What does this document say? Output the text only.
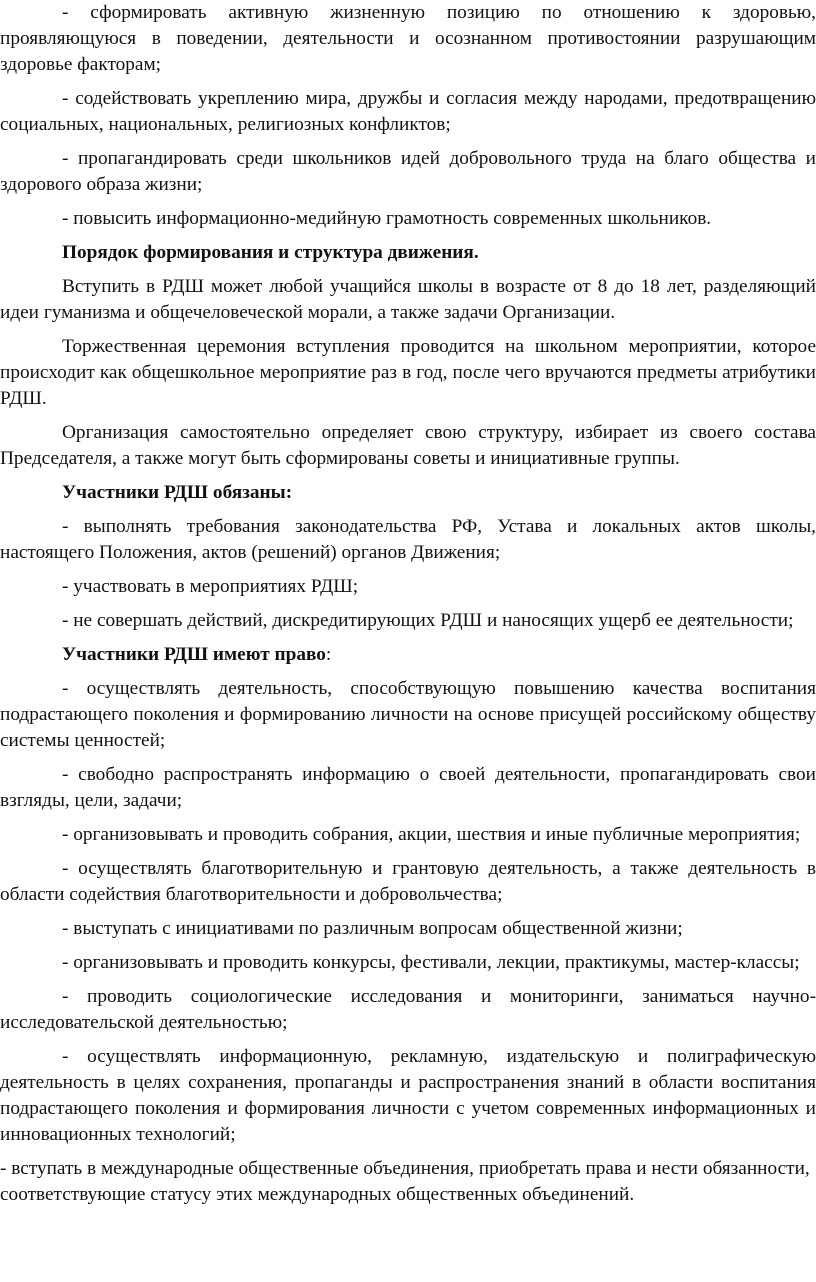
- сформировать активную жизненную позицию по отношению к здоровью, проявляющуюся в поведении, деятельности и осознанном противостоянии разрушающим здоровье факторам;

- содействовать укреплению мира, дружбы и согласия между народами, предотвращению социальных, национальных, религиозных конфликтов;

- пропагандировать среди школьников идей добровольного труда на благо общества и здорового образа жизни;

- повысить информационно-медийную грамотность современных школьников.

Порядок формирования и структура движения.

Вступить в РДШ может любой учащийся школы в возрасте от 8 до 18 лет, разделяющий идеи гуманизма и общечеловеческой морали, а также задачи Организации.

Торжественная церемония вступления проводится на школьном мероприятии, которое происходит как общешкольное мероприятие раз в год, после чего вручаются предметы атрибутики РДШ.

Организация самостоятельно определяет свою структуру, избирает из своего состава Председателя, а также могут быть сформированы советы и инициативные группы.

Участники РДШ обязаны:

- выполнять требования законодательства РФ, Устава и локальных актов школы, настоящего Положения, актов (решений) органов Движения;

- участвовать в мероприятиях РДШ;

- не совершать действий, дискредитирующих РДШ и наносящих ущерб ее деятельности;

Участники РДШ имеют право:

- осуществлять деятельность, способствующую повышению качества воспитания подрастающего поколения и формированию личности на основе присущей российскому обществу системы ценностей;

- свободно распространять информацию о своей деятельности, пропагандировать свои взгляды, цели, задачи;

- организовывать и проводить собрания, акции, шествия и иные публичные мероприятия;

- осуществлять благотворительную и грантовую деятельность, а также деятельность в области содействия благотворительности и добровольчества;

- выступать с инициативами по различным вопросам общественной жизни;

- организовывать и проводить конкурсы, фестивали, лекции, практикумы, мастер-классы;

- проводить социологические исследования и мониторинги, заниматься научно-исследовательской деятельностью;

- осуществлять информационную, рекламную, издательскую и полиграфическую деятельность в целях сохранения, пропаганды и распространения знаний в области воспитания подрастающего поколения и формирования личности с учетом современных информационных и инновационных технологий;

- вступать в международные общественные объединения, приобретать права и нести обязанности, соответствующие статусу этих международных общественных объединений.
